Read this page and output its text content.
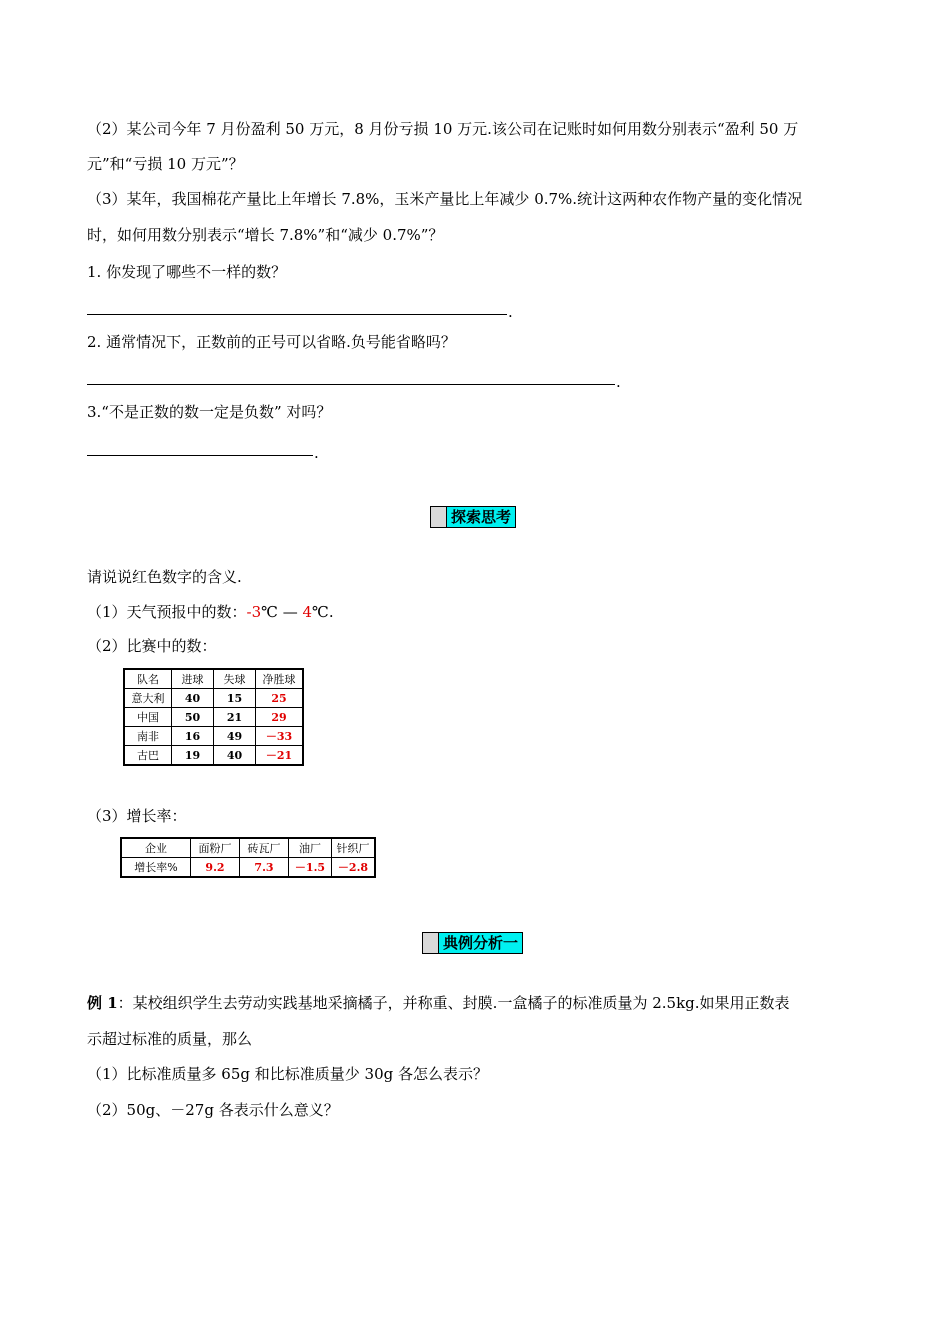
（2）某公司今年 7 月份盈利 50 万元，8 月份亏损 10 万元.该公司在记账时如何用数分别表示“盈利 50 万
元”和“亏损 10 万元”？
（3）某年，我国棉花产量比上年增长 7.8%，玉米产量比上年减少 0.7%.统计这两种农作物产量的变化情况
时，如何用数分别表示“增长 7.8%”和“减少 0.7%”？
1. 你发现了哪些不一样的数？
.
2. 通常情况下，正数前的正号可以省略.负号能省略吗？
.
3.“不是正数的数一定是负数” 对吗？
.
探索思考
请说说红色数字的含义.
（1）天气预报中的数：-3℃ — 4℃.
（2）比赛中的数：
队名	进球	失球	净胜球
意大利	40	15	25
中国	50	21	29
南非	16	49	－33
古巴	19	40	－21
（3）增长率：
企业	面粉厂	砖瓦厂	油厂	针织厂
增长率%	9.2	7.3	－1.5	－2.8
典例分析一
例 1：某校组织学生去劳动实践基地采摘橘子，并称重、封膜.一盒橘子的标准质量为 2.5kg.如果用正数表
示超过标准的质量，那么
（1）比标准质量多 65g 和比标准质量少 30g 各怎么表示？
（2）50g、－27g 各表示什么意义？
